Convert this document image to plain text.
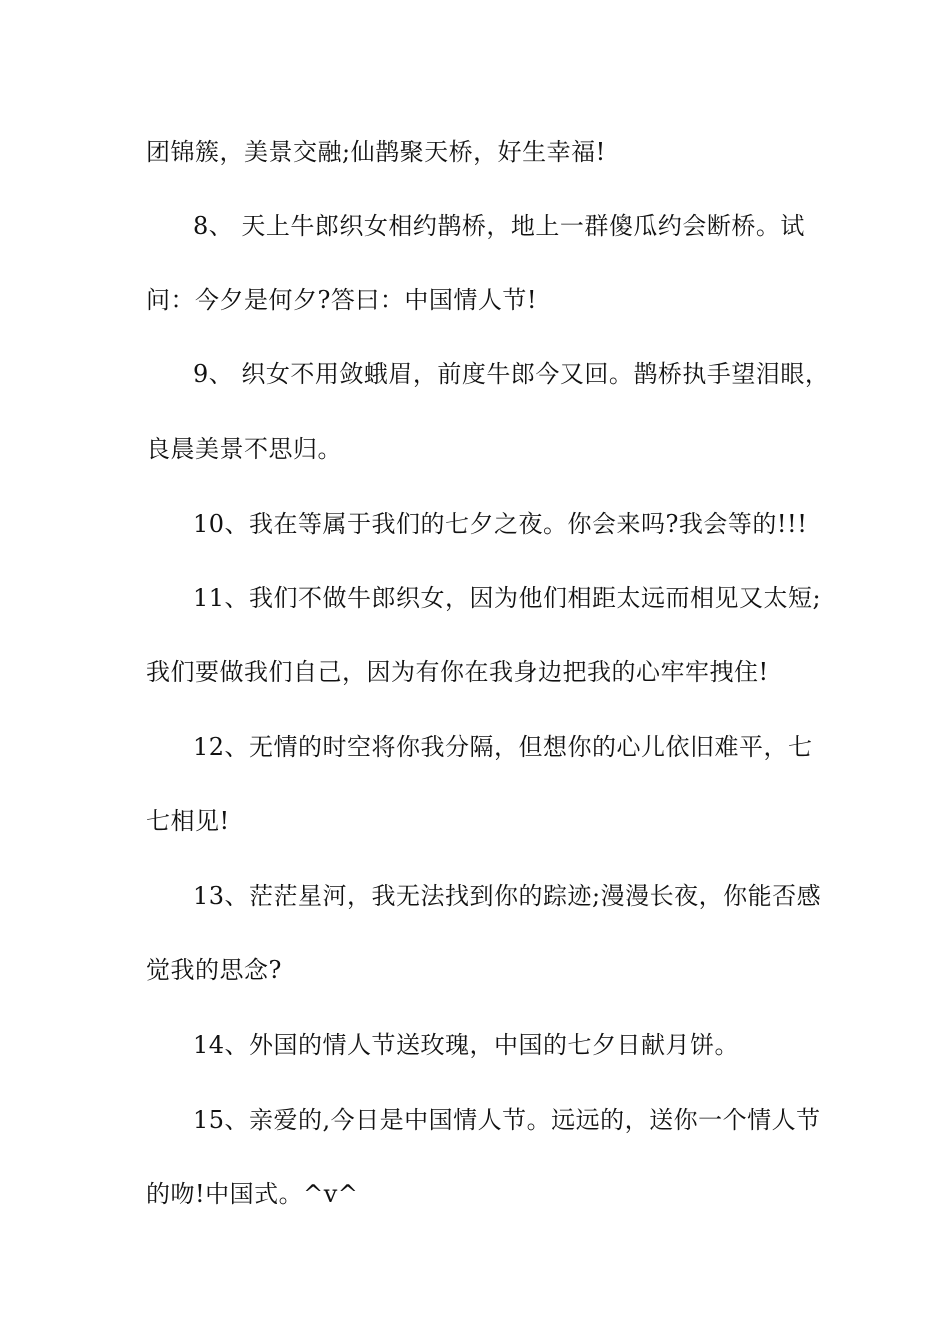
团锦簇，美景交融;仙鹊聚天桥，好生幸福!
8、 天上牛郎织女相约鹊桥，地上一群傻瓜约会断桥。试
问：今夕是何夕?答曰：中国情人节!
9、 织女不用敛蛾眉，前度牛郎今又回。鹊桥执手望泪眼，
良晨美景不思归。
10、我在等属于我们的七夕之夜。你会来吗?我会等的!!!
11、我们不做牛郎织女，因为他们相距太远而相见又太短;
我们要做我们自己，因为有你在我身边把我的心牢牢拽住!
12、无情的时空将你我分隔，但想你的心儿依旧难平，七
七相见!
13、茫茫星河，我无法找到你的踪迹;漫漫长夜，你能否感
觉我的思念?
14、外国的情人节送玫瑰，中国的七夕日献月饼。
15、亲爱的,今日是中国情人节。远远的，送你一个情人节
的吻!中国式。^v^
